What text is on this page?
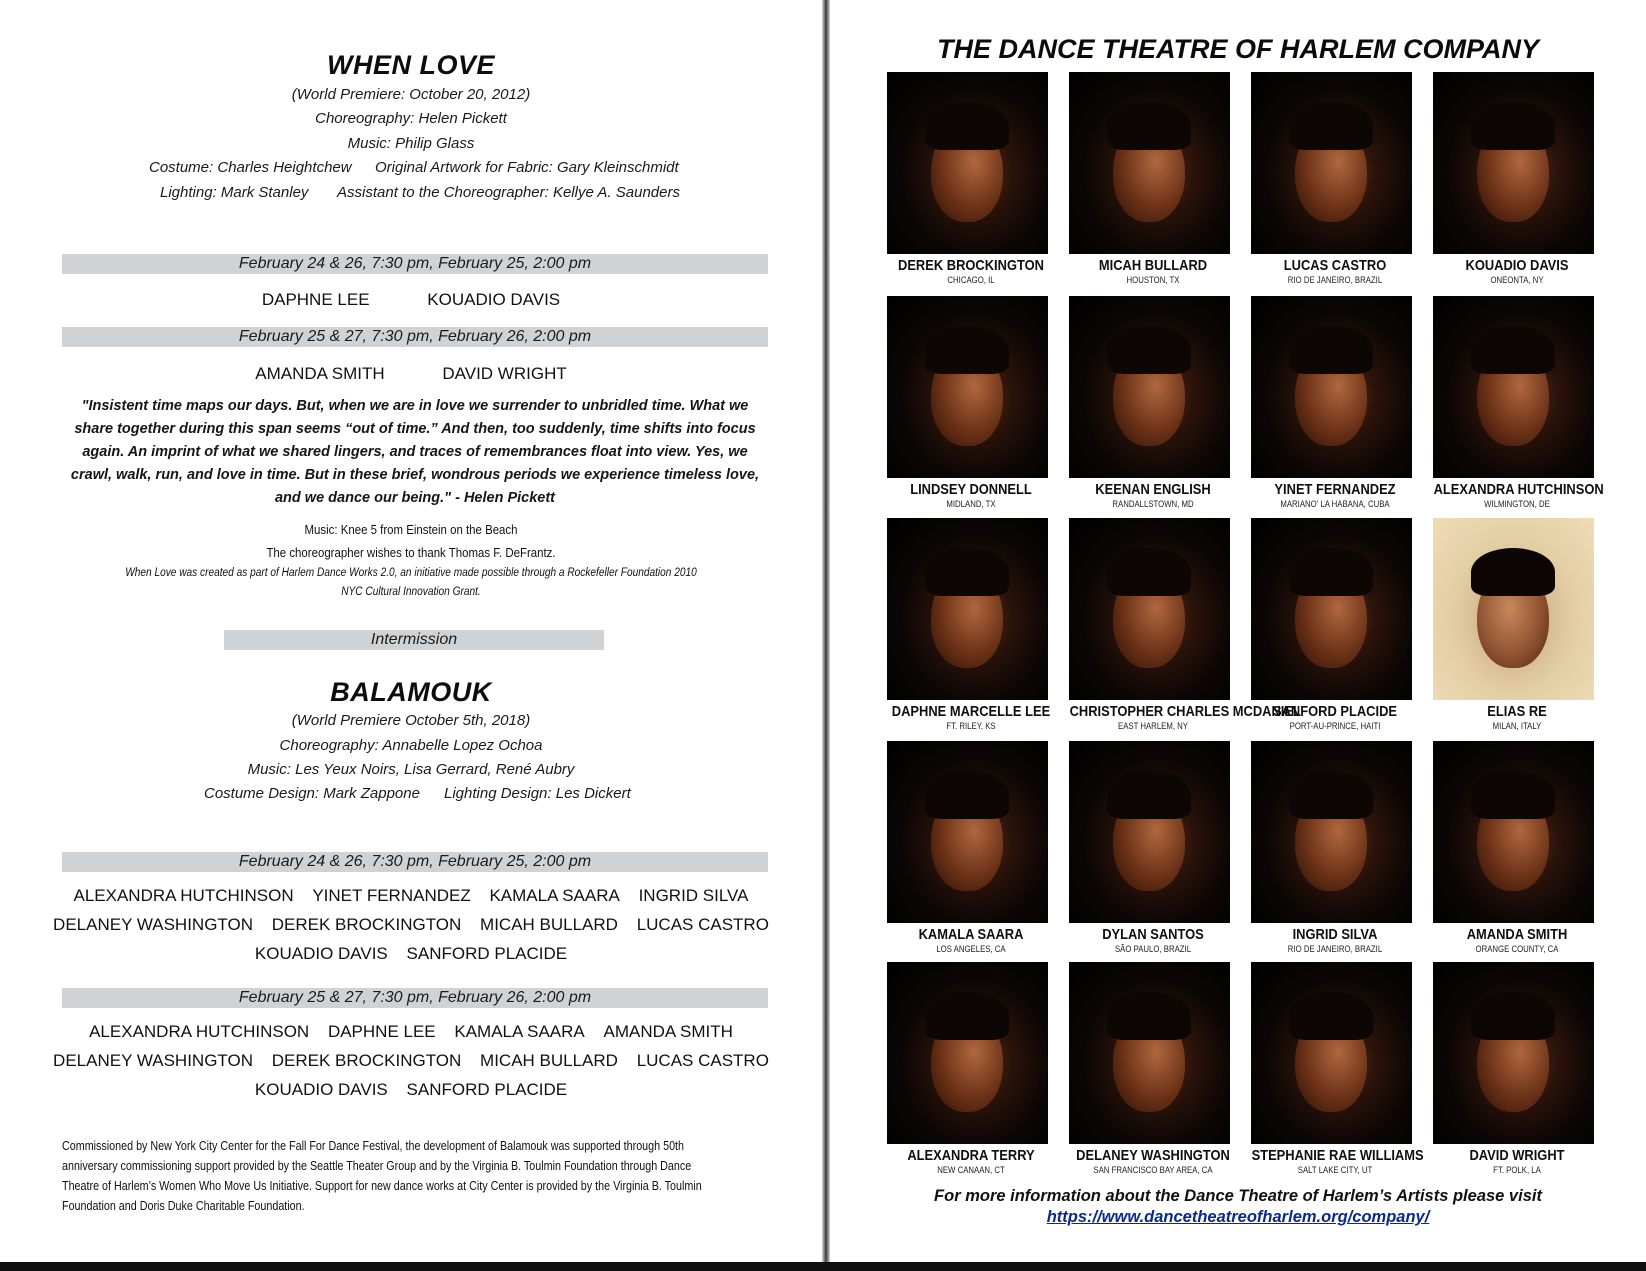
WHEN LOVE
(World Premiere: October 20, 2012)
Choreography: Helen Pickett
Music: Philip Glass
Costume: Charles Heightchew Original Artwork for Fabric: Gary Kleinschmidt
Lighting: Mark Stanley Assistant to the Choreographer: Kellye A. Saunders
February 24 & 26, 7:30 pm, February 25, 2:00 pm
DAPHNE LEE	KOUADIO DAVIS
February 25 & 27, 7:30 pm, February 26, 2:00 pm
AMANDA SMITH	DAVID WRIGHT
"Insistent time maps our days. But, when we are in love we surrender to unbridled time. What we
share together during this span seems “out of time.” And then, too suddenly, time shifts into focus
again. An imprint of what we shared lingers, and traces of remembrances float into view. Yes, we
crawl, walk, run, and love in time. But in these brief, wondrous periods we experience timeless love,
and we dance our being." - Helen Pickett
Music: Knee 5 from Einstein on the Beach
The choreographer wishes to thank Thomas F. DeFrantz.
When Love was created as part of Harlem Dance Works 2.0, an initiative made possible through a Rockefeller Foundation 2010
NYC Cultural Innovation Grant.
Intermission
BALAMOUK
(World Premiere October 5th, 2018)
Choreography: Annabelle Lopez Ochoa
Music: Les Yeux Noirs, Lisa Gerrard, René Aubry
Costume Design: Mark Zappone Lighting Design: Les Dickert
February 24 & 26, 7:30 pm, February 25, 2:00 pm
ALEXANDRA HUTCHINSON YINET FERNANDEZ KAMALA SAARA INGRID SILVA
DELANEY WASHINGTON DEREK BROCKINGTON MICAH BULLARD LUCAS CASTRO
KOUADIO DAVIS SANFORD PLACIDE
February 25 & 27, 7:30 pm, February 26, 2:00 pm
ALEXANDRA HUTCHINSON DAPHNE LEE KAMALA SAARA AMANDA SMITH
DELANEY WASHINGTON DEREK BROCKINGTON MICAH BULLARD LUCAS CASTRO
KOUADIO DAVIS SANFORD PLACIDE
Commissioned by New York City Center for the Fall For Dance Festival, the development of Balamouk was supported through 50th
anniversary commissioning support provided by the Seattle Theater Group and by the Virginia B. Toulmin Foundation through Dance
Theatre of Harlem’s Women Who Move Us Initiative. Support for new dance works at City Center is provided by the Virginia B. Toulmin
Foundation and Doris Duke Charitable Foundation.
THE DANCE THEATRE OF HARLEM COMPANY
DEREK BROCKINGTON
CHICAGO, IL
MICAH BULLARD
HOUSTON, TX
LUCAS CASTRO
RIO DE JANEIRO, BRAZIL
KOUADIO DAVIS
ONEONTA, NY
LINDSEY DONNELL
MIDLAND, TX
KEENAN ENGLISH
RANDALLSTOWN, MD
YINET FERNANDEZ
MARIANO' LA HABANA, CUBA
ALEXANDRA HUTCHINSON
WILMINGTON, DE
DAPHNE MARCELLE LEE
FT. RILEY, KS
CHRISTOPHER CHARLES MCDANIEL
EAST HARLEM, NY
SANFORD PLACIDE
PORT-AU-PRINCE, HAITI
ELIAS RE
MILAN, ITALY
KAMALA SAARA
LOS ANGELES, CA
DYLAN SANTOS
SÃO PAULO, BRAZIL
INGRID SILVA
RIO DE JANEIRO, BRAZIL
AMANDA SMITH
ORANGE COUNTY, CA
ALEXANDRA TERRY
NEW CANAAN, CT
DELANEY WASHINGTON
SAN FRANCISCO BAY AREA, CA
STEPHANIE RAE WILLIAMS
SALT LAKE CITY, UT
DAVID WRIGHT
FT. POLK, LA
For more information about the Dance Theatre of Harlem’s Artists please visit
https://www.dancetheatreofharlem.org/company/
